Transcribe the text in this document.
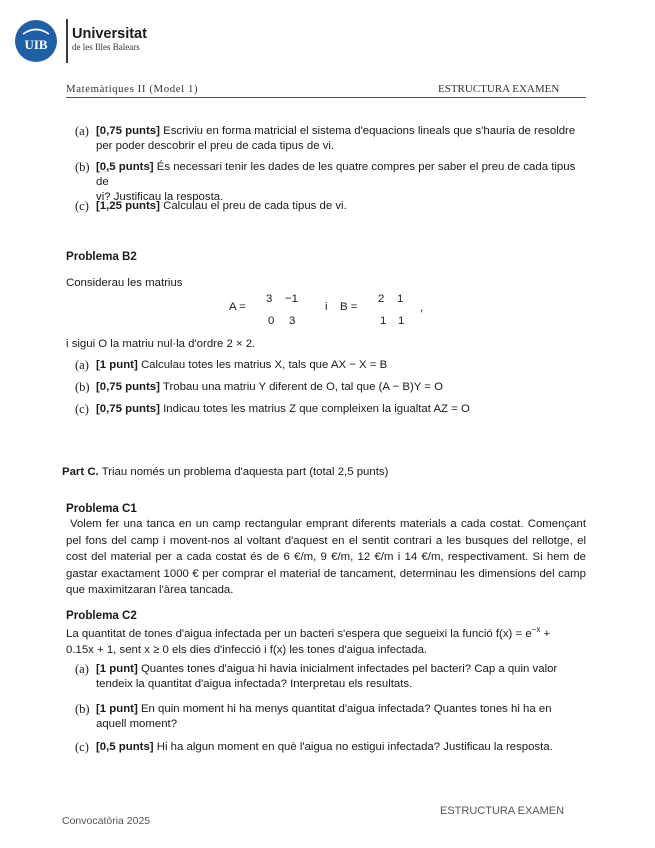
UIB
Universitat
de les Illes Balears
Matemàtiques II (Model 1)	ESTRUCTURA EXAMEN
(a) [0,75 punts] Escriviu en forma matricial el sistema d'equacions lineals que s'hauria de resoldre
per poder descobrir el preu de cada tipus de vi.
(b) [0,5 punts] És necessari tenir les dades de les quatre compres per saber el preu de cada tipus de
vi? Justificau la resposta.
(c) [1,25 punts] Calculau el preu de cada tipus de vi.
Problema B2
Considerau les matrius
A =
3 −1
0 3
i B =
2 1
1 1
,
i sigui O la matriu nul·la d'ordre 2 × 2.
(a) [1 punt] Calculau totes les matrius X, tals que AX − X = B
(b) [0,75 punts] Trobau una matriu Y diferent de O, tal que (A − B)Y = O
(c) [0,75 punts] Indicau totes les matrius Z que compleixen la igualtat AZ = O
Part C. Triau només un problema d'aquesta part (total 2,5 punts)
Problema C1
Volem fer una tanca en un camp rectangular emprant diferents materials a cada costat. Començant pel fons del camp i movent-nos al voltant d'aquest en el sentit contrari a les busques del rellotge, el cost del material per a cada costat és de 6 €/m, 9 €/m, 12 €/m i 14 €/m, respectivament. Si hem de gastar exactament 1000 € per comprar el material de tancament, determinau les dimensions del camp que maximitzaran l'àrea tancada.
Problema C2
La quantitat de tones d'aigua infectada per un bacteri s'espera que segueixi la funció $f(x) = e^{-x}$ +
0.15x + 1, sent x ≥ 0 els dies d'infecció i f(x) les tones d'aigua infectada.
(a) [1 punt] Quantes tones d'aigua hi havia inicialment infectades pel bacteri? Cap a quin valor
tendeix la quantitat d'aigua infectada? Interpretau els resultats.
(b) [1 punt] En quin moment hi ha menys quantitat d'aigua infectada? Quantes tones hi ha en
aquell moment?
(c) [0,5 punts] Hi ha algun moment en què l'aigua no estigui infectada? Justificau la resposta.
ESTRUCTURA EXAMEN
Convocatòria 2025
